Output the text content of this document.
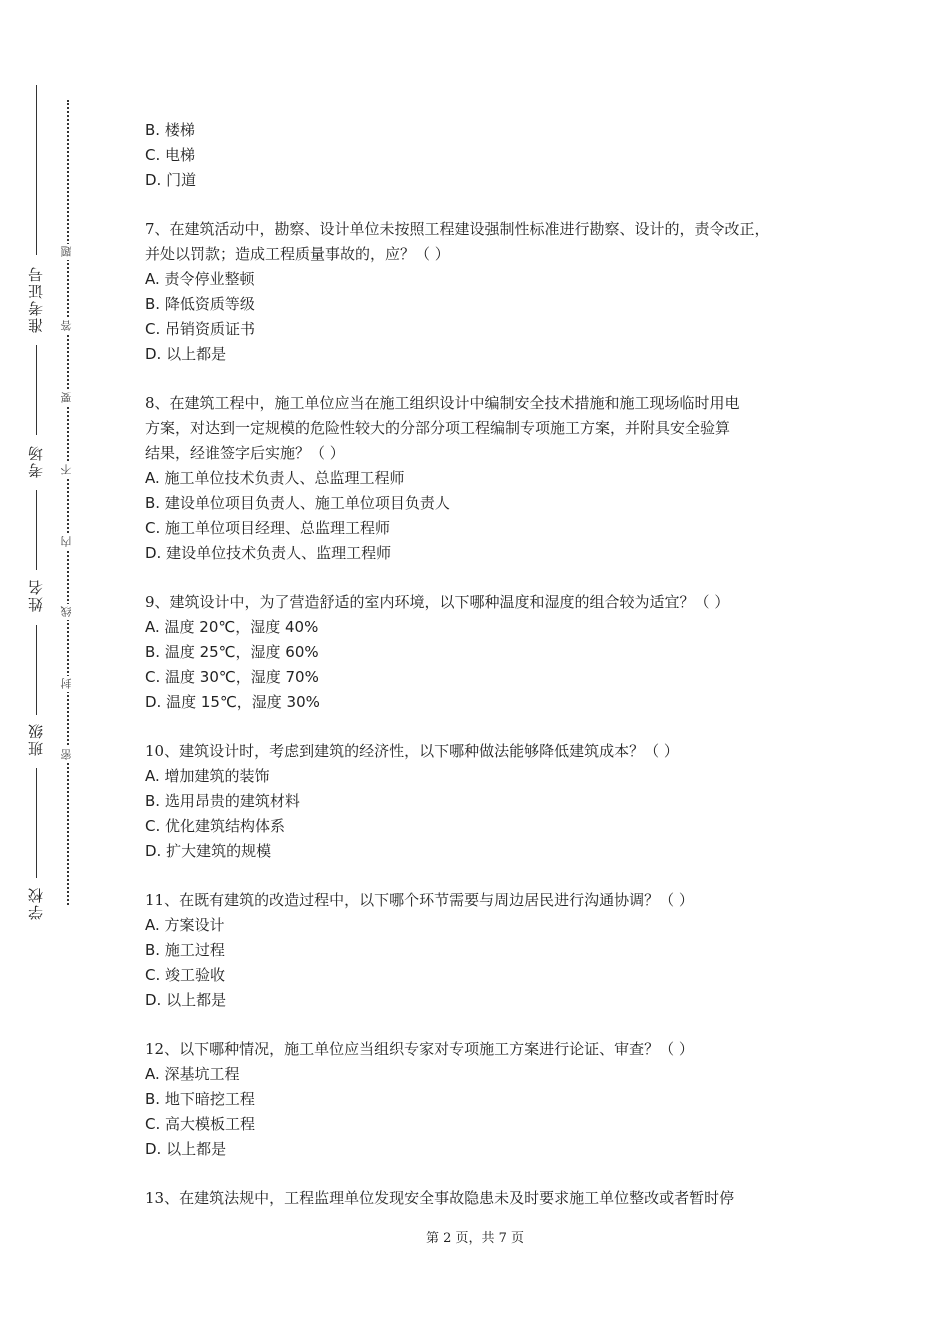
准考证号
考场
姓名
班级
学校
题
答
要
不
内
线
封
密
B. 楼梯
C. 电梯
D. 门道
7、在建筑活动中，勘察、设计单位未按照工程建设强制性标准进行勘察、设计的，责令改正，
并处以罚款；造成工程质量事故的，应？（ ）
A. 责令停业整顿
B. 降低资质等级
C. 吊销资质证书
D. 以上都是
8、在建筑工程中，施工单位应当在施工组织设计中编制安全技术措施和施工现场临时用电
方案，对达到一定规模的危险性较大的分部分项工程编制专项施工方案，并附具安全验算
结果，经谁签字后实施？（ ）
A. 施工单位技术负责人、总监理工程师
B. 建设单位项目负责人、施工单位项目负责人
C. 施工单位项目经理、总监理工程师
D. 建设单位技术负责人、监理工程师
9、建筑设计中，为了营造舒适的室内环境，以下哪种温度和湿度的组合较为适宜？（ ）
A. 温度 20℃，湿度 40%
B. 温度 25℃，湿度 60%
C. 温度 30℃，湿度 70%
D. 温度 15℃，湿度 30%
10、建筑设计时，考虑到建筑的经济性，以下哪种做法能够降低建筑成本？（ ）
A. 增加建筑的装饰
B. 选用昂贵的建筑材料
C. 优化建筑结构体系
D. 扩大建筑的规模
11、在既有建筑的改造过程中，以下哪个环节需要与周边居民进行沟通协调？（ ）
A. 方案设计
B. 施工过程
C. 竣工验收
D. 以上都是
12、以下哪种情况，施工单位应当组织专家对专项施工方案进行论证、审查？（ ）
A. 深基坑工程
B. 地下暗挖工程
C. 高大模板工程
D. 以上都是
13、在建筑法规中，工程监理单位发现安全事故隐患未及时要求施工单位整改或者暂时停
第 2 页，共 7 页
